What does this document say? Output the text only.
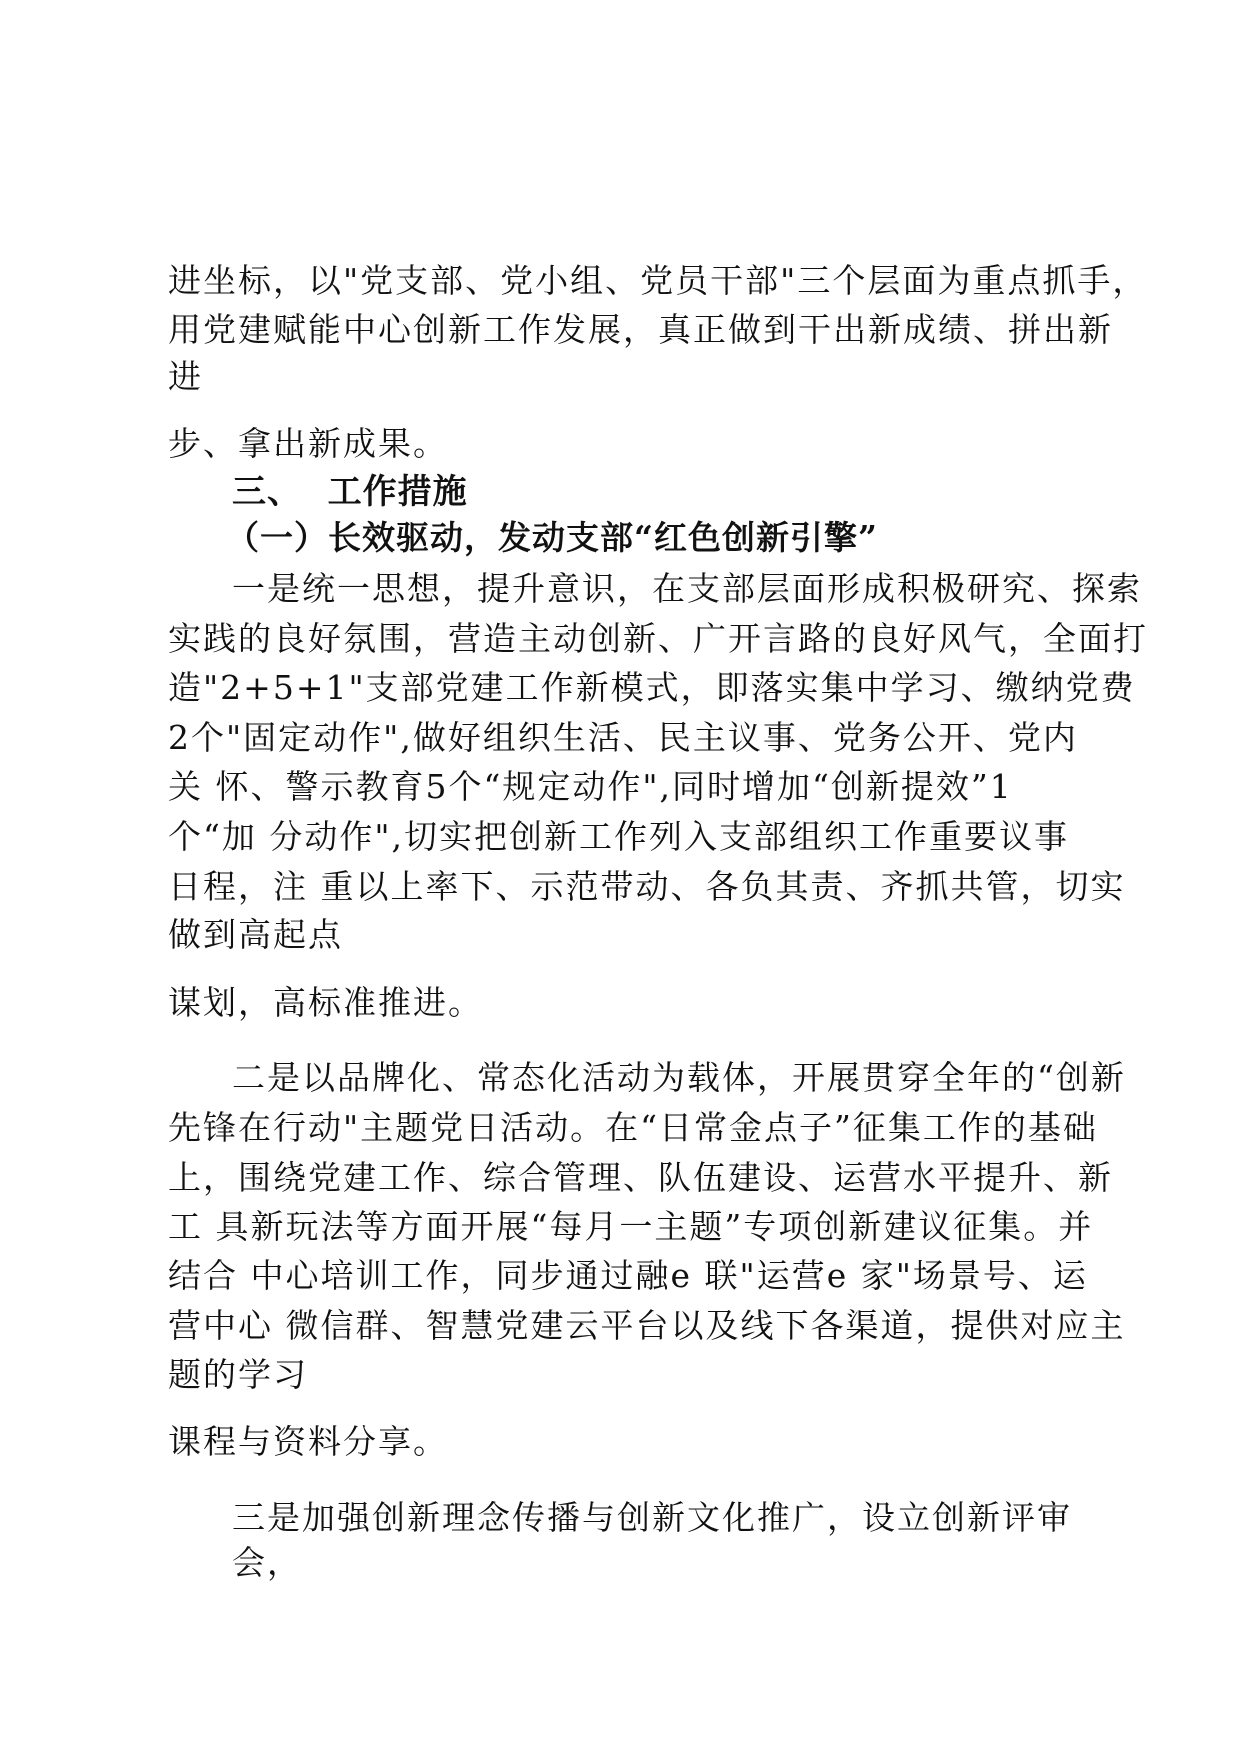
进坐标，以"党支部、党小组、党员干部"三个层面为重点抓手，
用党建赋能中心创新工作发展，真正做到干出新成绩、拼出新
进
步、拿出新成果。
三、  工作措施
（一）长效驱动，发动支部“红色创新引擎”
一是统一思想，提升意识，在支部层面形成积极研究、探索
实践的良好氛围，营造主动创新、广开言路的良好风气，全面打
造"2+5+1"支部党建工作新模式，即落实集中学习、缴纳党费
2个"固定动作",做好组织生活、民主议事、党务公开、党内
关 怀、警示教育5个“规定动作",同时增加“创新提效”1
个“加 分动作",切实把创新工作列入支部组织工作重要议事
日程，注 重以上率下、示范带动、各负其责、齐抓共管，切实
做到高起点
谋划，高标准推进。
二是以品牌化、常态化活动为载体，开展贯穿全年的“创新
先锋在行动"主题党日活动。在“日常金点子”征集工作的基础
上，围绕党建工作、综合管理、队伍建设、运营水平提升、新
工 具新玩法等方面开展“每月一主题”专项创新建议征集。并
结合 中心培训工作，同步通过融e 联"运营e 家"场景号、运
营中心 微信群、智慧党建云平台以及线下各渠道，提供对应主
题的学习
课程与资料分享。
三是加强创新理念传播与创新文化推广，设立创新评审
会，
